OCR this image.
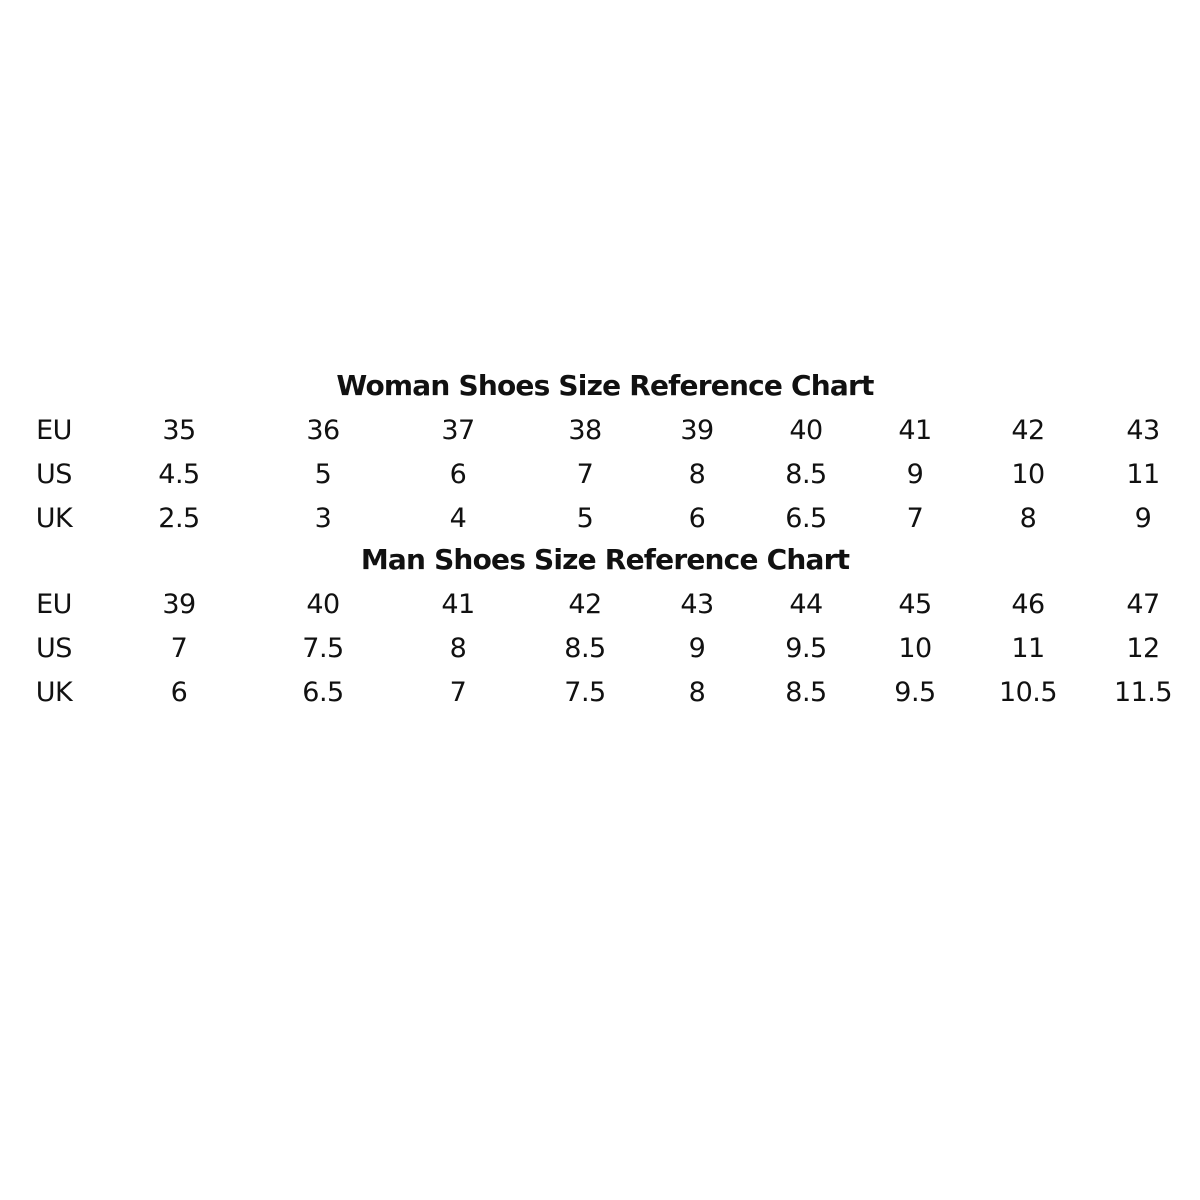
Woman Shoes Size Reference Chart
EU	35	36	37	38	39	40	41	42	43
US	4.5	5	6	7	8	8.5	9	10	11
UK	2.5	3	4	5	6	6.5	7	8	9
Man Shoes Size Reference Chart
EU	39	40	41	42	43	44	45	46	47
US	7	7.5	8	8.5	9	9.5	10	11	12
UK	6	6.5	7	7.5	8	8.5	9.5	10.5	11.5
